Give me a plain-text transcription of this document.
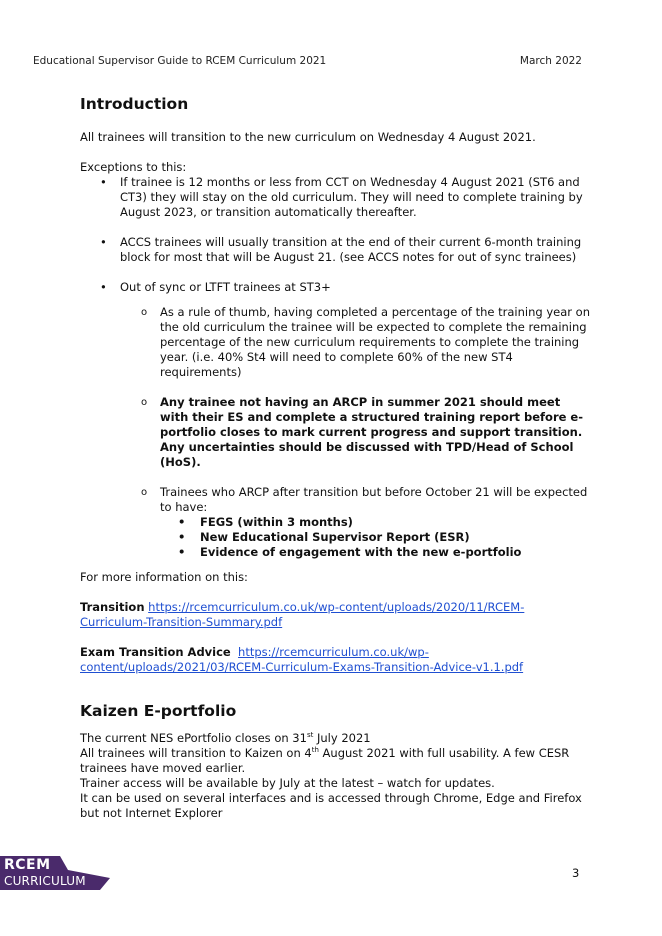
Educational Supervisor Guide to RCEM Curriculum 2021	March 2022
Introduction

All trainees will transition to the new curriculum on Wednesday 4 August 2021.

Exceptions to this:

• If trainee is 12 months or less from CCT on Wednesday 4 August 2021 (ST6 and CT3) they will stay on the old curriculum. They will need to complete training by August 2023, or transition automatically thereafter.
• ACCS trainees will usually transition at the end of their current 6-month training block for most that will be August 21. (see ACCS notes for out of sync trainees)
• Out of sync or LTFT trainees at ST3+
o As a rule of thumb, having completed a percentage of the training year on the old curriculum the trainee will be expected to complete the remaining percentage of the new curriculum requirements to complete the training year. (i.e. 40% St4 will need to complete 60% of the new ST4 requirements)
o Any trainee not having an ARCP in summer 2021 should meet with their ES and complete a structured training report before e-portfolio closes to mark current progress and support transition. Any uncertainties should be discussed with TPD/Head of School (HoS).
o Trainees who ARCP after transition but before October 21 will be expected to have:
• FEGS (within 3 months)
• New Educational Supervisor Report (ESR)
• Evidence of engagement with the new e-portfolio

For more information on this:

Transition https://rcemcurriculum.co.uk/wp-content/uploads/2020/11/RCEM-Curriculum-Transition-Summary.pdf

Exam Transition Advice https://rcemcurriculum.co.uk/wp-content/uploads/2021/03/RCEM-Curriculum-Exams-Transition-Advice-v1.1.pdf

Kaizen E-portfolio

The current NES ePortfolio closes on 31st July 2021

All trainees will transition to Kaizen on 4th August 2021 with full usability. A few CESR trainees have moved earlier.

Trainer access will be available by July at the latest – watch for updates.

It can be used on several interfaces and is accessed through Chrome, Edge and Firefox but not Internet Explorer

RCEM
CURRICULUM
3
